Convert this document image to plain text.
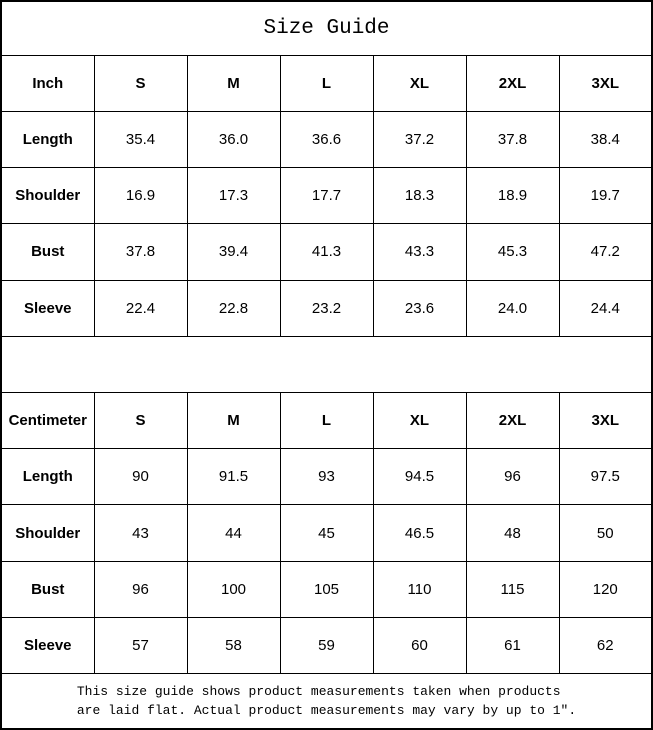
Size Guide						
Inch	S	M	L	XL	2XL	3XL
Length	35.4	36.0	36.6	37.2	37.8	38.4
Shoulder	16.9	17.3	17.7	18.3	18.9	19.7
Bust	37.8	39.4	41.3	43.3	45.3	47.2
Sleeve	22.4	22.8	23.2	23.6	24.0	24.4

Centimeter	S	M	L	XL	2XL	3XL
Length	90	91.5	93	94.5	96	97.5
Shoulder	43	44	45	46.5	48	50
Bust	96	100	105	110	115	120
Sleeve	57	58	59	60	61	62
This size guide shows product measurements taken when products
are laid flat. Actual product measurements may vary by up to 1″.						
